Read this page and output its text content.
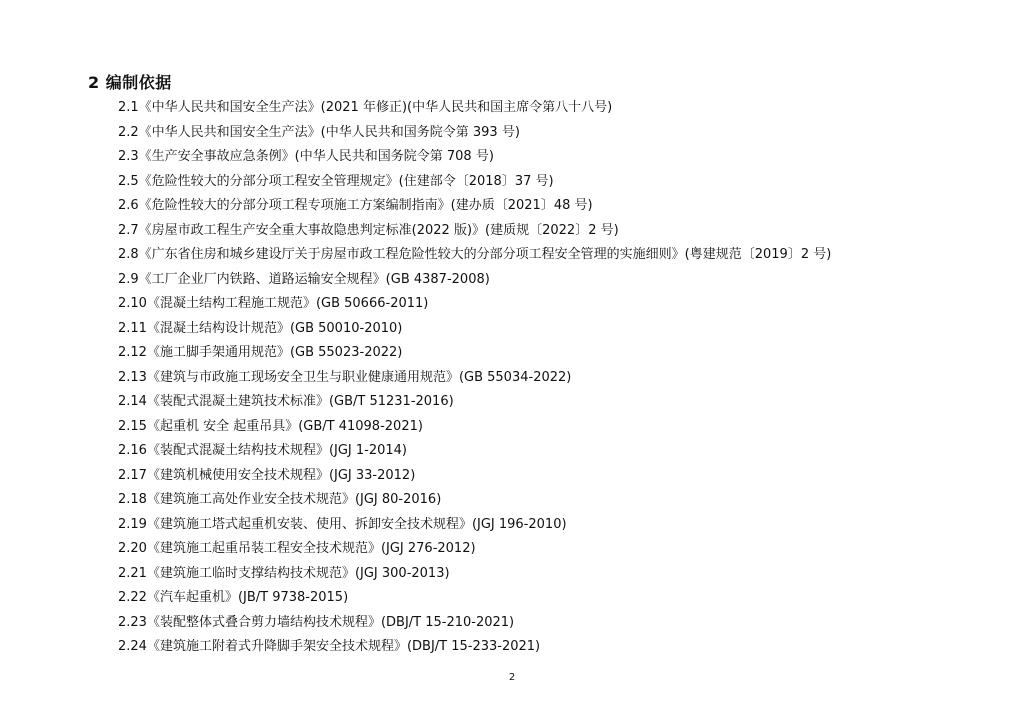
2 编制依据
2.1《中华人民共和国安全生产法》(2021 年修正)(中华人民共和国主席令第八十八号)
2.2《中华人民共和国安全生产法》(中华人民共和国务院令第 393 号)
2.3《生产安全事故应急条例》(中华人民共和国务院令第 708 号)
2.5《危险性较大的分部分项工程安全管理规定》(住建部令〔2018〕37 号)
2.6《危险性较大的分部分项工程专项施工方案编制指南》(建办质〔2021〕48 号)
2.7《房屋市政工程生产安全重大事故隐患判定标准(2022 版)》(建质规〔2022〕2 号)
2.8《广东省住房和城乡建设厅关于房屋市政工程危险性较大的分部分项工程安全管理的实施细则》(粤建规范〔2019〕2 号)
2.9《工厂企业厂内铁路、道路运输安全规程》(GB 4387-2008)
2.10《混凝土结构工程施工规范》(GB 50666-2011)
2.11《混凝土结构设计规范》(GB 50010-2010)
2.12《施工脚手架通用规范》(GB 55023-2022)
2.13《建筑与市政施工现场安全卫生与职业健康通用规范》(GB 55034-2022)
2.14《装配式混凝土建筑技术标准》(GB/T 51231-2016)
2.15《起重机 安全 起重吊具》(GB/T 41098-2021)
2.16《装配式混凝土结构技术规程》(JGJ 1-2014)
2.17《建筑机械使用安全技术规程》(JGJ 33-2012)
2.18《建筑施工高处作业安全技术规范》(JGJ 80-2016)
2.19《建筑施工塔式起重机安装、使用、拆卸安全技术规程》(JGJ 196-2010)
2.20《建筑施工起重吊装工程安全技术规范》(JGJ 276-2012)
2.21《建筑施工临时支撑结构技术规范》(JGJ 300-2013)
2.22《汽车起重机》(JB/T 9738-2015)
2.23《装配整体式叠合剪力墙结构技术规程》(DBJ/T 15-210-2021)
2.24《建筑施工附着式升降脚手架安全技术规程》(DBJ/T 15-233-2021)
2
